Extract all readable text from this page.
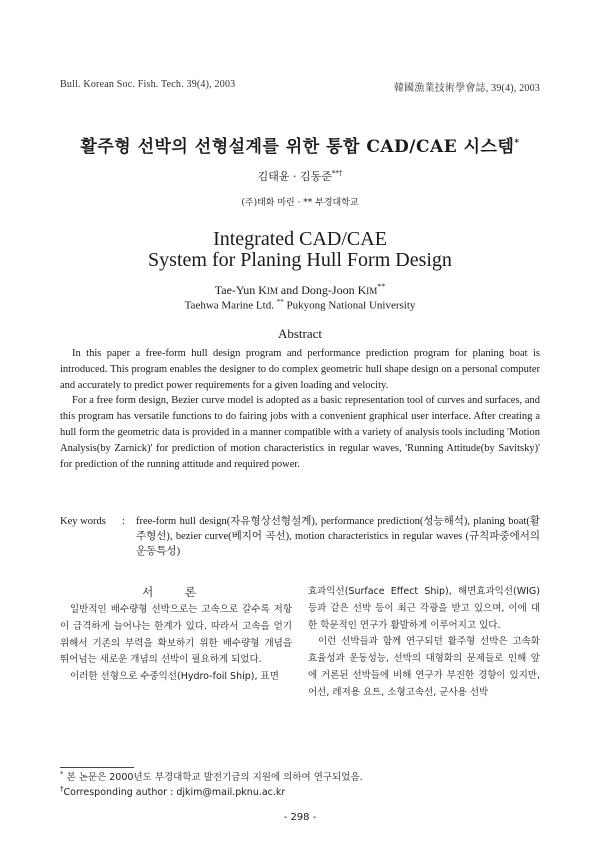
Bull. Korean Soc. Fish. Tech. 39(4), 2003	韓國漁業技術學會誌, 39(4), 2003
활주형 선박의 선형설계를 위한 통합 CAD/CAE 시스템*
김태윤 · 김동준**†
(주)태화 마린 · ** 부경대학교
Integrated CAD/CAE
System for Planing Hull Form Design
Tae-Yun KIM and Dong-Joon KIM**
Taehwa Marine Ltd. ** Pukyong National University
Abstract

In this paper a free-form hull design program and performance prediction program for planing boat is introduced. This program enables the designer to do complex geometric hull shape design on a personal computer and accurately to predict power requirements for a given loading and velocity.

For a free form design, Bezier curve model is adopted as a basic representation tool of curves and surfaces, and this program has versatile functions to do fairing jobs with a convenient graphical user interface. After creating a hull form the geometric data is provided in a manner compatible with a variety of analysis tools including 'Motion Analysis(by Zarnick)' for prediction of motion characteristics in regular waves, 'Running Attitude(by Savitsky)' for prediction of the running attitude and required power.

Key words	: free-form hull design(자유형상선형설계), performance prediction(성능해석), planing boat(활주형선), bezier curve(베지어 곡선), motion characteristics in regular waves (규칙파중에서의 운동특성)
서 론

일반적인 배수량형 선박으로는 고속으로 갈수록 저항이 급격하게 늘어나는 한계가 있다. 따라서 고속을 얻기 위해서 기존의 부력을 확보하기 위한 배수량형 개념을 뛰어넘는 새로운 개념의 선박이 필요하게 되었다.

이러한 선형으로 수중익선(Hydro-foil Ship), 표면

효과익선(Surface Effect Ship), 해면효과익선(WIG) 등과 같은 선박 등이 최근 각광을 받고 있으며, 이에 대한 학문적인 연구가 활발하게 이루어지고 있다.

이런 선박들과 함께 연구되던 활주형 선박은 고속화 효율성과 운동성능, 선박의 대형화의 문제들로 인해 앞에 거론된 선박들에 비해 연구가 부진한 경향이 있지만, 어선, 레저용 요트, 소형고속선, 군사용 선박

* 본 논문은 2000년도 부경대학교 발전기금의 지원에 의하여 연구되었음.
†Corresponding author : djkim@mail.pknu.ac.kr
- 298 -
